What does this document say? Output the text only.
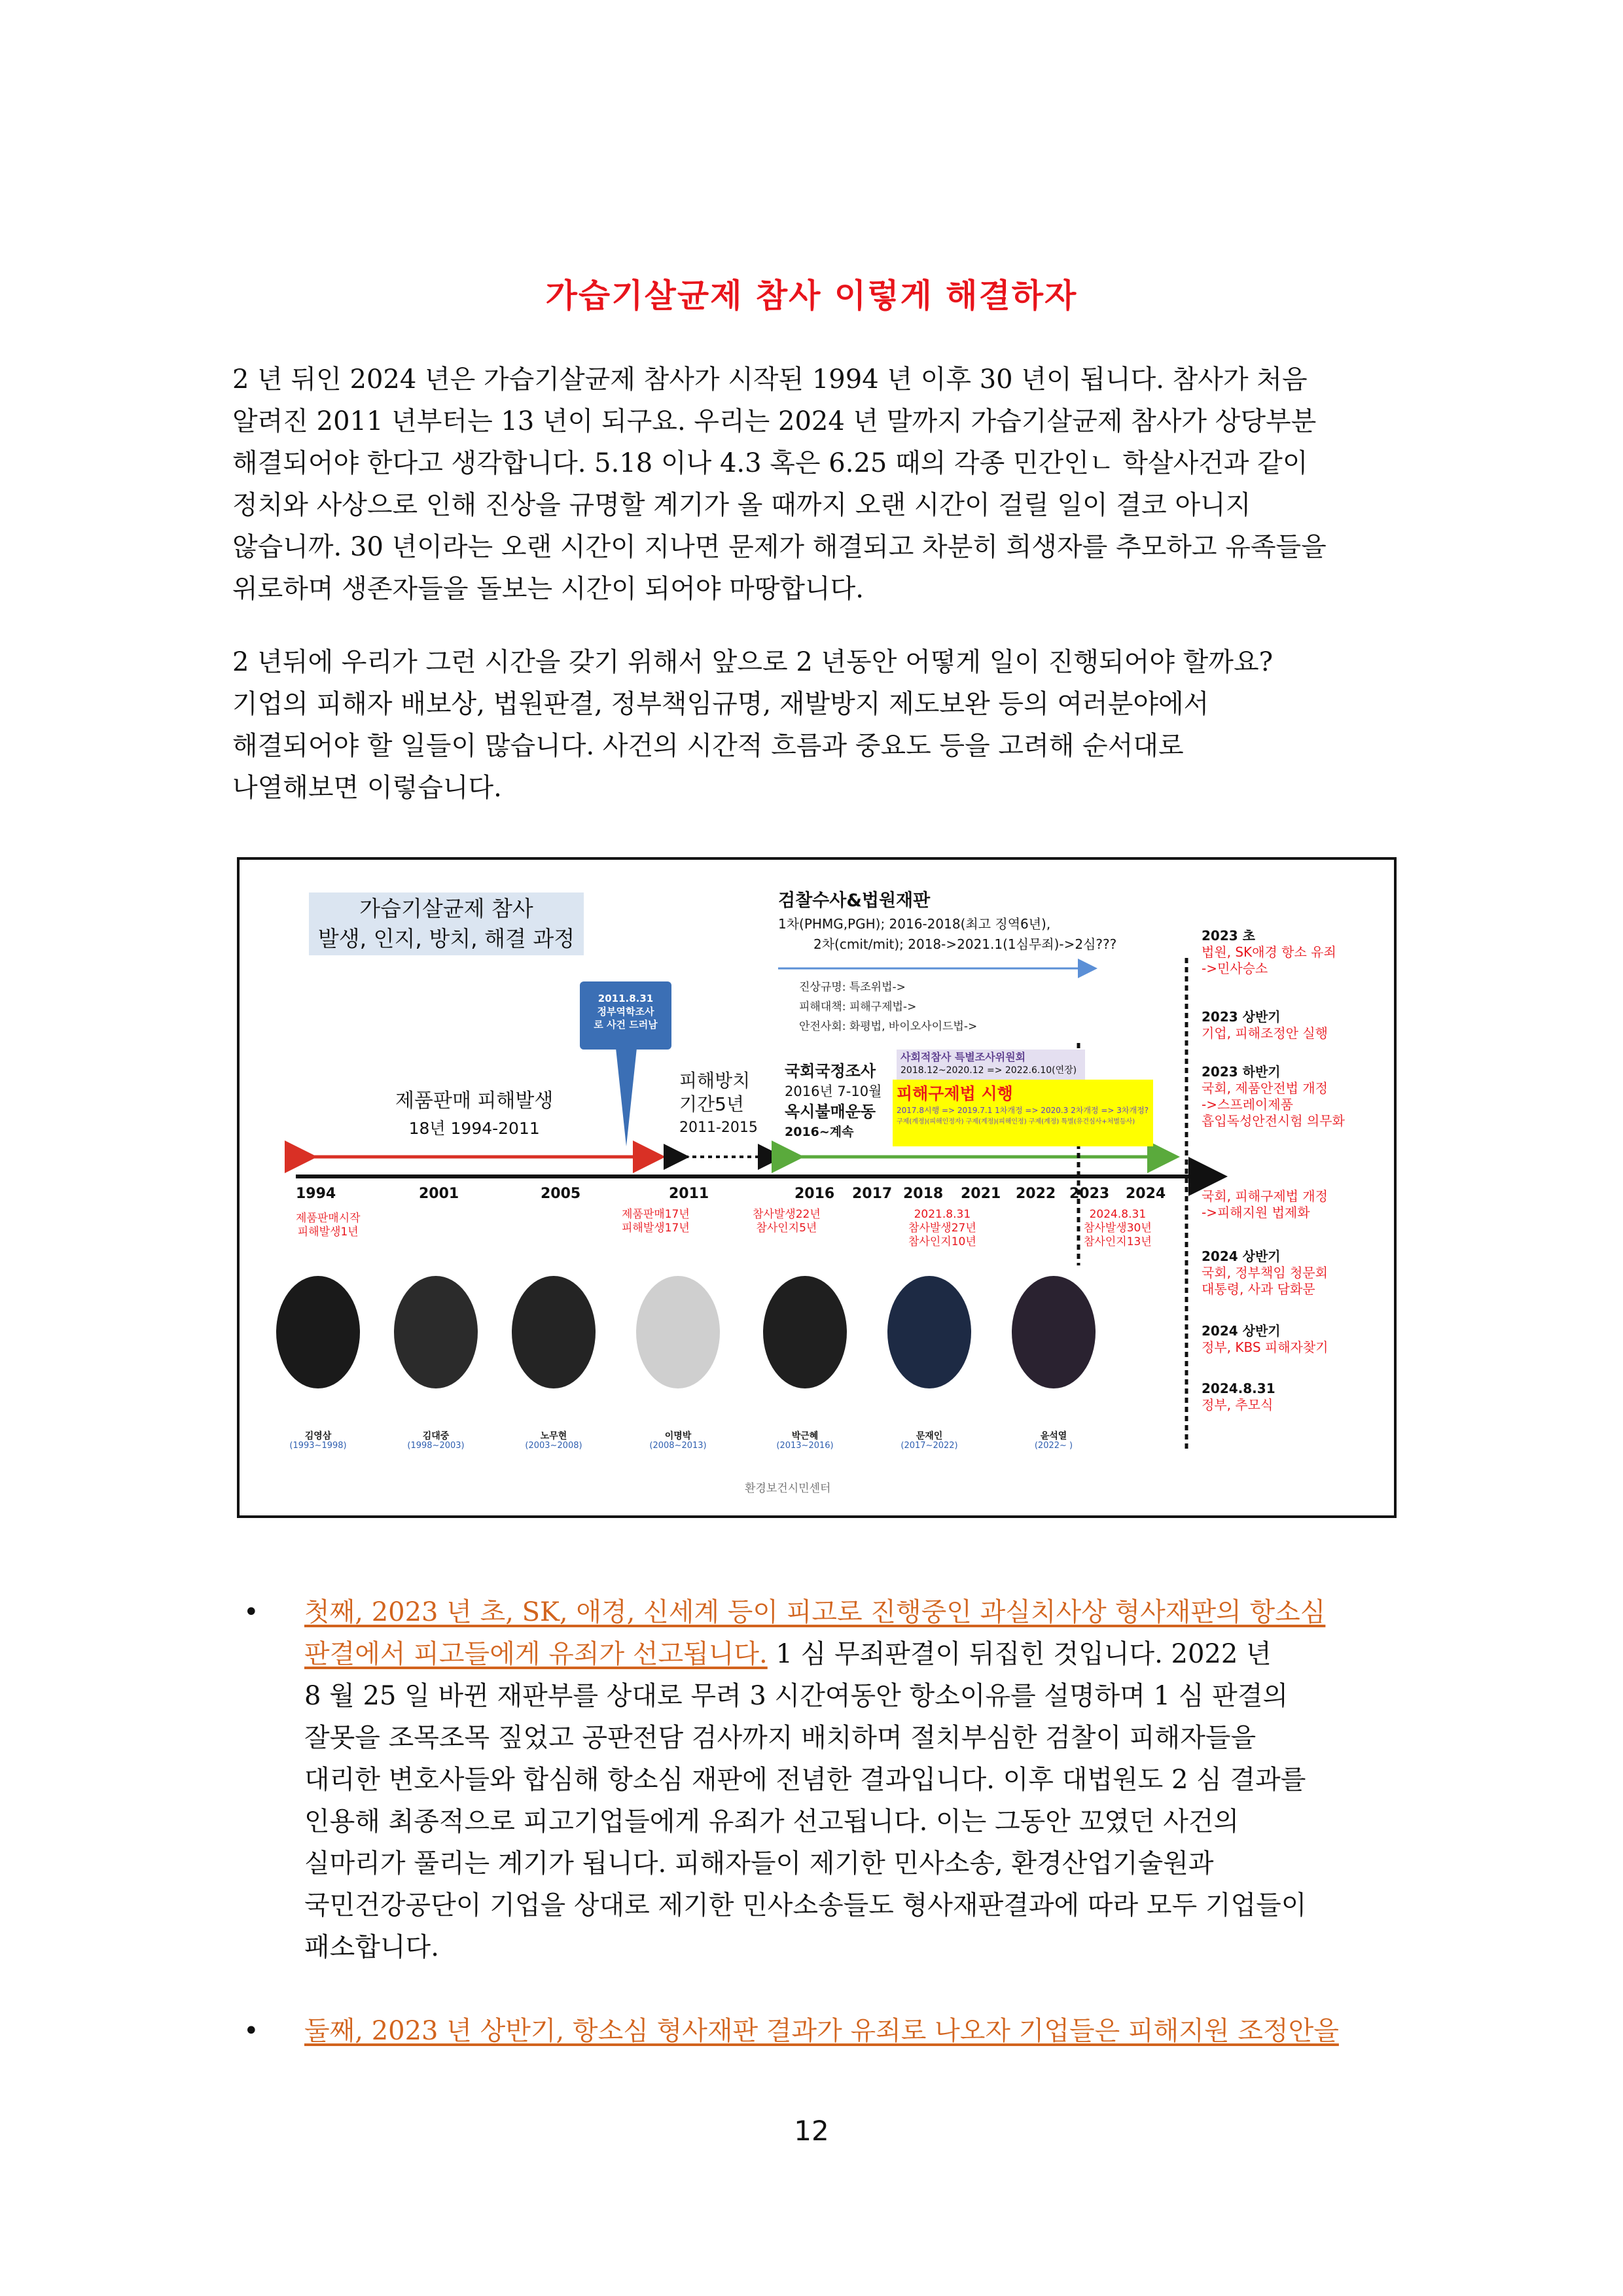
가습기살균제 참사 이렇게 해결하자
2 년 뒤인 2024 년은 가습기살균제 참사가 시작된 1994 년 이후 30 년이 됩니다. 참사가 처음
알려진 2011 년부터는 13 년이 되구요. 우리는 2024 년 말까지 가습기살균제 참사가 상당부분
해결되어야 한다고 생각합니다. 5.18 이나 4.3 혹은 6.25 때의 각종 민간인ㄴ 학살사건과 같이
정치와 사상으로 인해 진상을 규명할 계기가 올 때까지 오랜 시간이 걸릴 일이 결코 아니지
않습니까. 30 년이라는 오랜 시간이 지나면 문제가 해결되고 차분히 희생자를 추모하고 유족들을
위로하며 생존자들을 돌보는 시간이 되어야 마땅합니다.
2 년뒤에 우리가 그런 시간을 갖기 위해서 앞으로 2 년동안 어떻게 일이 진행되어야 할까요?
기업의 피해자 배보상, 법원판결, 정부책임규명, 재발방지 제도보완 등의 여러분야에서
해결되어야 할 일들이 많습니다. 사건의 시간적 흐름과 중요도 등을 고려해 순서대로
나열해보면 이렇습니다.
가습기살균제 참사
발생, 인지, 방치, 해결 과정
2011.8.31
정부역학조사
로 사건 드러남
제품판매 피해발생
18년 1994-2011
피해방치
기간5년
2011-2015
국회국정조사
2016년 7-10월
옥시불매운동
2016~계속
검찰수사&법원재판
1차(PHMG,PGH); 2016-2018(최고 징역6년),
2차(cmit/mit); 2018->2021.1(1심무죄)->2심???
진상규명: 특조위법->
피해대책: 피해구제법->
안전사회: 화평법, 바이오사이드법->
사회적참사 특별조사위원회
2018.12~2020.12 => 2022.6.10(연장)
피해구제법 시행
2017.8시행 => 2019.7.1 1차개정 => 2020.3 2차개정 => 3차개정?
구제(계정)(피해인정자) 구제(계정)(피해인정) 구제(계정) 특별(유건심사+처벌등사)
1994	2001	2005	2011	2016 2017 2018 2021 2022 2023 2024
제품판매시작
피해발생1년
제품판매17년
피해발생17년
참사발생22년
참사인지5년
2021.8.31
참사발생27년
참사인지10년
2024.8.31
참사발생30년
참사인지13년
김영삼
(1993~1998)
김대중
(1998~2003)
노무현
(2003~2008)
이명박
(2008~2013)
박근혜
(2013~2016)
문재인
(2017~2022)
윤석열
(2022~ )
2023 초
법원, SK애경 항소 유죄
->민사승소
2023 상반기
기업, 피해조정안 실행
2023 하반기
국회, 제품안전법 개정
->스프레이제품
흡입독성안전시험 의무화
국회, 피해구제법 개정
->피해지원 법제화
2024 상반기
국회, 정부책임 청문회
대통령, 사과 담화문
2024 상반기
정부, KBS 피해자찾기
2024.8.31
정부, 추모식
환경보건시민센터
• 첫째, 2023 년 초, SK, 애경, 신세계 등이 피고로 진행중인 과실치사상 형사재판의 항소심
판결에서 피고들에게 유죄가 선고됩니다. 1 심 무죄판결이 뒤집힌 것입니다. 2022 년
8 월 25 일 바뀐 재판부를 상대로 무려 3 시간여동안 항소이유를 설명하며 1 심 판결의
잘못을 조목조목 짚었고 공판전담 검사까지 배치하며 절치부심한 검찰이 피해자들을
대리한 변호사들와 합심해 항소심 재판에 전념한 결과입니다. 이후 대법원도 2 심 결과를
인용해 최종적으로 피고기업들에게 유죄가 선고됩니다. 이는 그동안 꼬였던 사건의
실마리가 풀리는 계기가 됩니다. 피해자들이 제기한 민사소송, 환경산업기술원과
국민건강공단이 기업을 상대로 제기한 민사소송들도 형사재판결과에 따라 모두 기업들이
패소합니다.
• 둘째, 2023 년 상반기, 항소심 형사재판 결과가 유죄로 나오자 기업들은 피해지원 조정안을
12
